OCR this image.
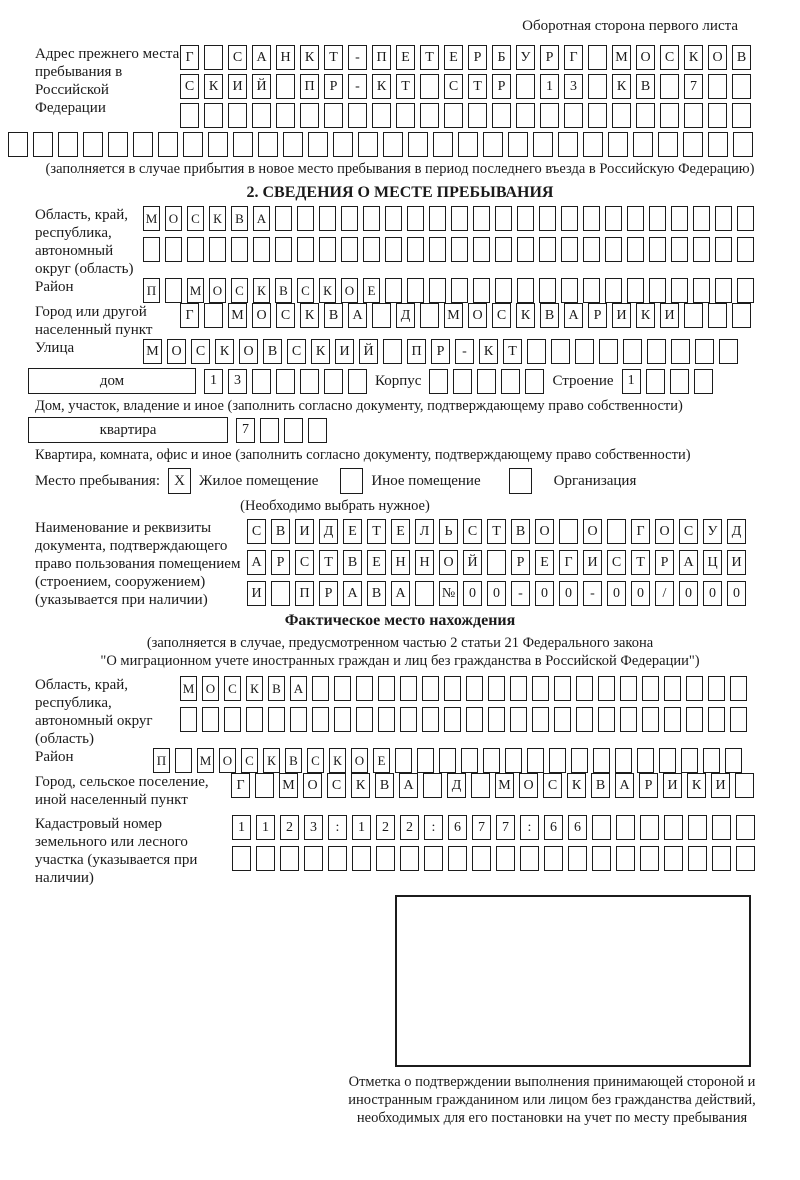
Оборотная сторона первого листа
Адрес прежнего места пребывания в Российской Федерации
Г	С	А Н	К	Т	-	П	Е	Т	Е	Р	Б	У	Р	Г	М О	С	К	О	В
С	К	И Й	П	Р	-	К	Т	С	Т	Р	1	3	К	В	7
(заполняется в случае прибытия в новое место пребывания в период последнего въезда в Российскую Федерацию)
2. СВЕДЕНИЯ О МЕСТЕ ПРЕБЫВАНИЯ
Область, край, республика, автономный округ (область)
М О С	К	В А
Район	П	М О С	К	В	С	К О	Е
Город или другой населенный пункт
Г	М О	С	К	В	А	Д	М О	С	К	В	А	Р	И	К	И
Улица	М О	С	К	О	В	С	К	И Й	П	Р	-	К	Т
дом	1	3	Корпус	Строение	1
Дом, участок, владение и иное (заполнить согласно документу, подтверждающему право собственности)
квартира	7
Квартира, комната, офис и иное (заполнить согласно документу, подтверждающему право собственности)
Место пребывания: X Жилое помещение	Иное помещение	Организация
(Необходимо выбрать нужное)
Наименование и реквизиты документа, подтверждающего право пользования помещением (строением, сооружением) (указывается при наличии)
С	В	И	Д	Е	Т	Е	Л	Ь	С	Т	В	О	О	Г	О	С	У	Д
А	Р	С	Т	В	Е	Н Н О Й	Р	Е	Г	И	С	Т	Р	А Ц И
И	П	Р	А	В	А	№ 0	0	-	0	0	-	0	0	/	0	0	0
Фактическое место нахождения
(заполняется в случае, предусмотренном частью 2 статьи 21 Федерального закона
"О миграционном учете иностранных граждан и лиц без гражданства в Российской Федерации")
Область, край, республика, автономный округ (область)
М О С	К	В А
Район	П	М О С	К	В	С	К О	Е
Город, сельское поселение, иной населенный пункт
Г	М О	С	К	В	А	Д	М О	С	К	В	А	Р	И	К	И
Кадастровый номер земельного или лесного участка (указывается при наличии)
1	1	2	3	:	1	2	2	:	6	7	7	:	6	6
Отметка о подтверждении выполнения принимающей стороной и иностранным гражданином или лицом без гражданства действий, необходимых для его постановки на учет по месту пребывания
